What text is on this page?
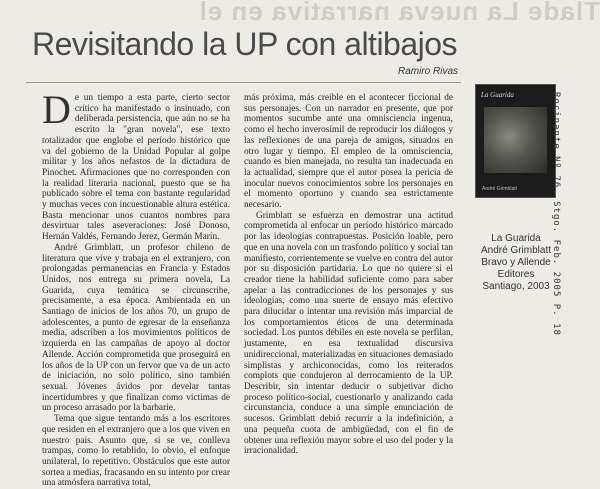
Tlade La nueva narrativa en el
Revisitando la UP con altibajos
Ramiro Rivas

De un tiempo a esta parte, cierto sector crítico ha manifestado o insinuado, con deliberada persistencia, que aún no se ha escrito la "gran novela", ese texto totalizador que englobe el período histórico que va del gobierno de la Unidad Popular al golpe militar y los años nefastos de la dictadura de Pinochet. Afirmaciones que no corresponden con la realidad literaria nacional, puesto que se ha publicado sobre el tema con bastante regularidad y muchas veces con incuestionable altura estética. Basta mencionar unos cuantos nombres para desvirtuar tales aseveraciones: José Donoso, Hernán Valdés, Fernando Jerez, Germán Marín.

André Grimblatt, un profesor chileno de literatura que vive y trabaja en el extranjero, con prolongadas permanencias en Francia y Estados Unidos, nos entrega su primera novela, La Guarida, cuya temática se circunscribe, precisamente, a esa época. Ambientada en un Santiago de inicios de los años 70, un grupo de adolescentes, a punto de egresar de la enseñanza media, adscriben a los movimientos políticos de izquierda en las campañas de apoyo al doctor Allende. Acción comprometida que proseguirá en los años de la UP con un fervor que va de un acto de iniciación, no solo político, sino también sexual. Jóvenes ávidos por develar tantas incertidumbres y que finalizan como víctimas de un proceso arrasado por la barbarie.

Tema que sigue tentando más a los escritores que residen en el extranjero que a los que viven en nuestro país. Asunto que, si se ve, conlleva trampas, como lo retablido, lo obvio, el enfoque unilateral, lo repetitivo. Obstáculos que este autor sortea a medias, fracasando en su intento por crear una atmósfera narrativa total,

más próxima, más creíble en el acontecer ficcional de sus personajes. Con un narrador en presente, que por momentos sucumbe ante una omnisciencia ingenua, como el hecho inverosímil de reproducir los diálogos y las reflexiones de una pareja de amigos, situados en otro lugar y tiempo. El empleo de la omnisciencia, cuando es bien manejada, no resulta tan inadecuada en la actualidad, siempre que el autor posea la pericia de inocular nuevos conocimientos sobre los personajes en el momento oportuno y cuando sea estrictamente necesario.

Grimblatt se esfuerza en demostrar una actitud comprometida al enfocar un período histórico marcado por las ideologías contrapuestas. Posición loable, pero que en una novela con un trasfondo político y social tan manifiesto, corrientemente se vuelve en contra del autor por su disposición partidaria. Lo que no quiere si el creador tiene la habilidad suficiente como para saber apelar a las contradicciones de los personajes y sus ideologías, como una suerte de ensayo más efectivo para dilucidar o intentar una revisión más imparcial de los comportamientos éticos de una determinada sociedad. Los puntos débiles en este novela se perfilan, justamente, en esa textualidad discursiva unidireccional, materializadas en situaciones demasiado simplistas y archiconocidas, como los reiterados complots que condujeron al derrocamiento de la UP. Describir, sin intentar deducir o subjetivar dicho proceso político-social, cuestionarlo y analizando cada circunstancia, conduce a una simple enunciación de sucesos. Grimblatt debió recurrir a la indefinición, a una pequeña cuota de ambigüedad, con el fin de obtener una reflexión mayor sobre el uso del poder y la irracionalidad.

La Guarida
André Grimblatt
La Guarida
André Grimblatt
Bravo y Allende
Editores
Santiago, 2003 Rocinante Nº 76. Stgo. Feb. 2005 P. 18
